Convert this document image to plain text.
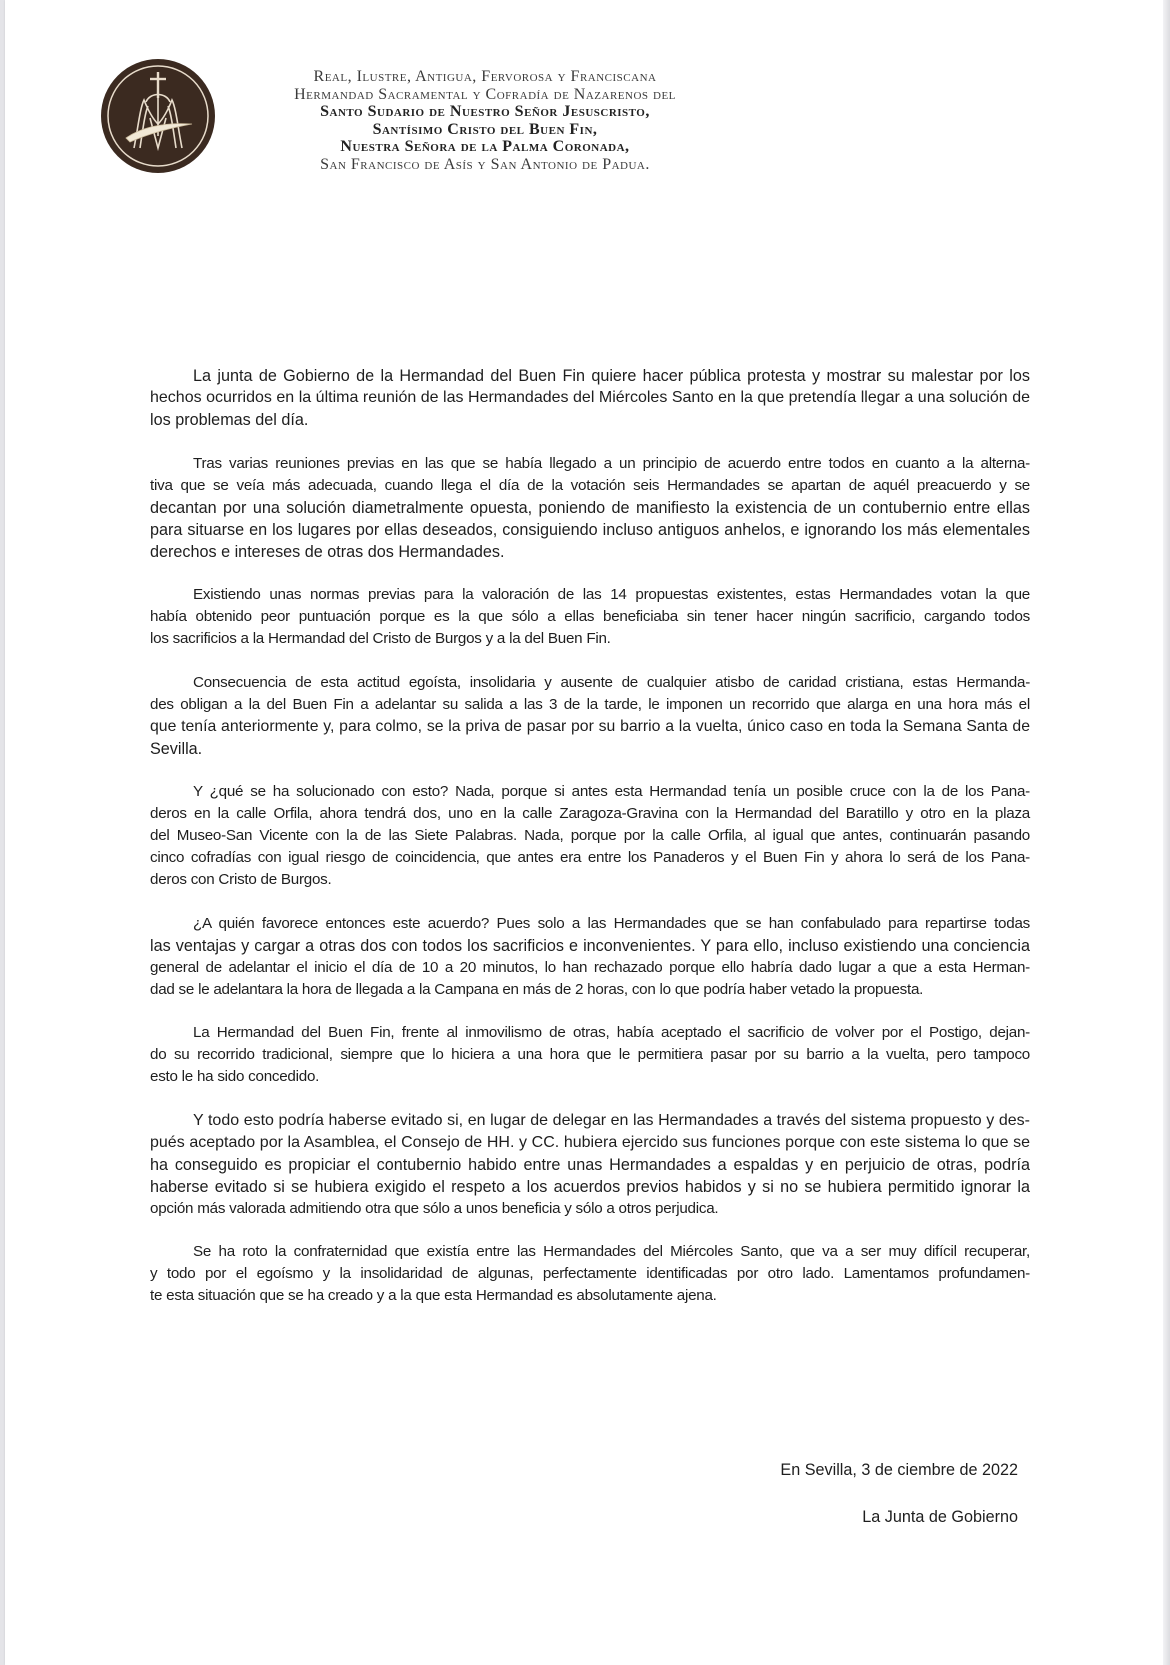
Real, Ilustre, Antigua, Fervorosa y Franciscana
Hermandad Sacramental y Cofradía de Nazarenos del
Santo Sudario de Nuestro Señor Jesuscristo,
Santísimo Cristo del Buen Fin,
Nuestra Señora de la Palma Coronada,
San Francisco de Asís y San Antonio de Padua.
La junta de Gobierno de la Hermandad del Buen Fin quiere hacer pública protesta y mostrar su malestar por los
hechos ocurridos en la última reunión de las Hermandades del Miércoles Santo en la que pretendía llegar a una solución de
los problemas del día.
Tras varias reuniones previas en las que se había llegado a un principio de acuerdo entre todos en cuanto a la alterna-
tiva que se veía más adecuada, cuando llega el día de la votación seis Hermandades se apartan de aquél preacuerdo y se
decantan por una solución diametralmente opuesta, poniendo de manifiesto la existencia de un contubernio entre ellas
para situarse en los lugares por ellas deseados, consiguiendo incluso antiguos anhelos, e ignorando los más elementales
derechos e intereses de otras dos Hermandades.
Existiendo unas normas previas para la valoración de las 14 propuestas existentes, estas Hermandades votan la que
había obtenido peor puntuación porque es la que sólo a ellas beneficiaba sin tener hacer ningún sacrificio, cargando todos
los sacrificios a la Hermandad del Cristo de Burgos y a la del Buen Fin.
Consecuencia de esta actitud egoísta, insolidaria y ausente de cualquier atisbo de caridad cristiana, estas Hermanda-
des obligan a la del Buen Fin a adelantar su salida a las 3 de la tarde, le imponen un recorrido que alarga en una hora más el
que tenía anteriormente y, para colmo, se la priva de pasar por su barrio a la vuelta, único caso en toda la Semana Santa de
Sevilla.
Y ¿qué se ha solucionado con esto? Nada, porque si antes esta Hermandad tenía un posible cruce con la de los Pana-
deros en la calle Orfila, ahora tendrá dos, uno en la calle Zaragoza-Gravina con la Hermandad del Baratillo y otro en la plaza
del Museo-San Vicente con la de las Siete Palabras. Nada, porque por la calle Orfila, al igual que antes, continuarán pasando
cinco cofradías con igual riesgo de coincidencia, que antes era entre los Panaderos y el Buen Fin y ahora lo será de los Pana-
deros con Cristo de Burgos.
¿A quién favorece entonces este acuerdo? Pues solo a las Hermandades que se han confabulado para repartirse todas
las ventajas y cargar a otras dos con todos los sacrificios e inconvenientes. Y para ello, incluso existiendo una conciencia
general de adelantar el inicio el día de 10 a 20 minutos, lo han rechazado porque ello habría dado lugar a que a esta Herman-
dad se le adelantara la hora de llegada a la Campana en más de 2 horas, con lo que podría haber vetado la propuesta.
La Hermandad del Buen Fin, frente al inmovilismo de otras, había aceptado el sacrificio de volver por el Postigo, dejan-
do su recorrido tradicional, siempre que lo hiciera a una hora que le permitiera pasar por su barrio a la vuelta, pero tampoco
esto le ha sido concedido.
Y todo esto podría haberse evitado si, en lugar de delegar en las Hermandades a través del sistema propuesto y des-
pués aceptado por la Asamblea, el Consejo de HH. y CC. hubiera ejercido sus funciones porque con este sistema lo que se
ha conseguido es propiciar el contubernio habido entre unas Hermandades a espaldas y en perjuicio de otras, podría
haberse evitado si se hubiera exigido el respeto a los acuerdos previos habidos y si no se hubiera permitido ignorar la
opción más valorada admitiendo otra que sólo a unos beneficia y sólo a otros perjudica.
Se ha roto la confraternidad que existía entre las Hermandades del Miércoles Santo, que va a ser muy difícil recuperar,
y todo por el egoísmo y la insolidaridad de algunas, perfectamente identificadas por otro lado. Lamentamos profundamen-
te esta situación que se ha creado y a la que esta Hermandad es absolutamente ajena.
En Sevilla, 3 de ciembre de 2022
La Junta de Gobierno
